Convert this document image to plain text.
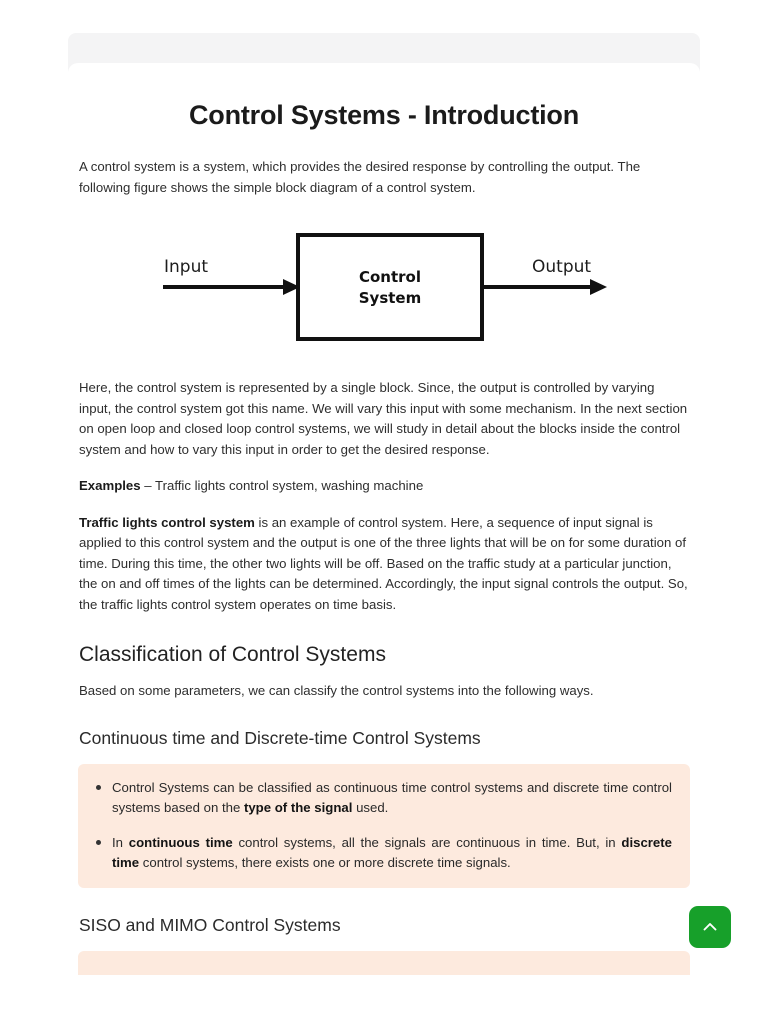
Control Systems - Introduction

A control system is a system, which provides the desired response by controlling the output. The following figure shows the simple block diagram of a control system.

Input	Output
Control
System

Here, the control system is represented by a single block. Since, the output is controlled by varying input, the control system got this name. We will vary this input with some mechanism. In the next section on open loop and closed loop control systems, we will study in detail about the blocks inside the control system and how to vary this input in order to get the desired response.

Examples – Traffic lights control system, washing machine

Traffic lights control system is an example of control system. Here, a sequence of input signal is applied to this control system and the output is one of the three lights that will be on for some duration of time. During this time, the other two lights will be off. Based on the traffic study at a particular junction, the on and off times of the lights can be determined. Accordingly, the input signal controls the output. So, the traffic lights control system operates on time basis.

Classification of Control Systems

Based on some parameters, we can classify the control systems into the following ways.

Continuous time and Discrete-time Control Systems
Control Systems can be classified as continuous time control systems and discrete time control systems based on the type of the signal used.
In continuous time control systems, all the signals are continuous in time. But, in discrete time control systems, there exists one or more discrete time signals.
SISO and MIMO Control Systems
